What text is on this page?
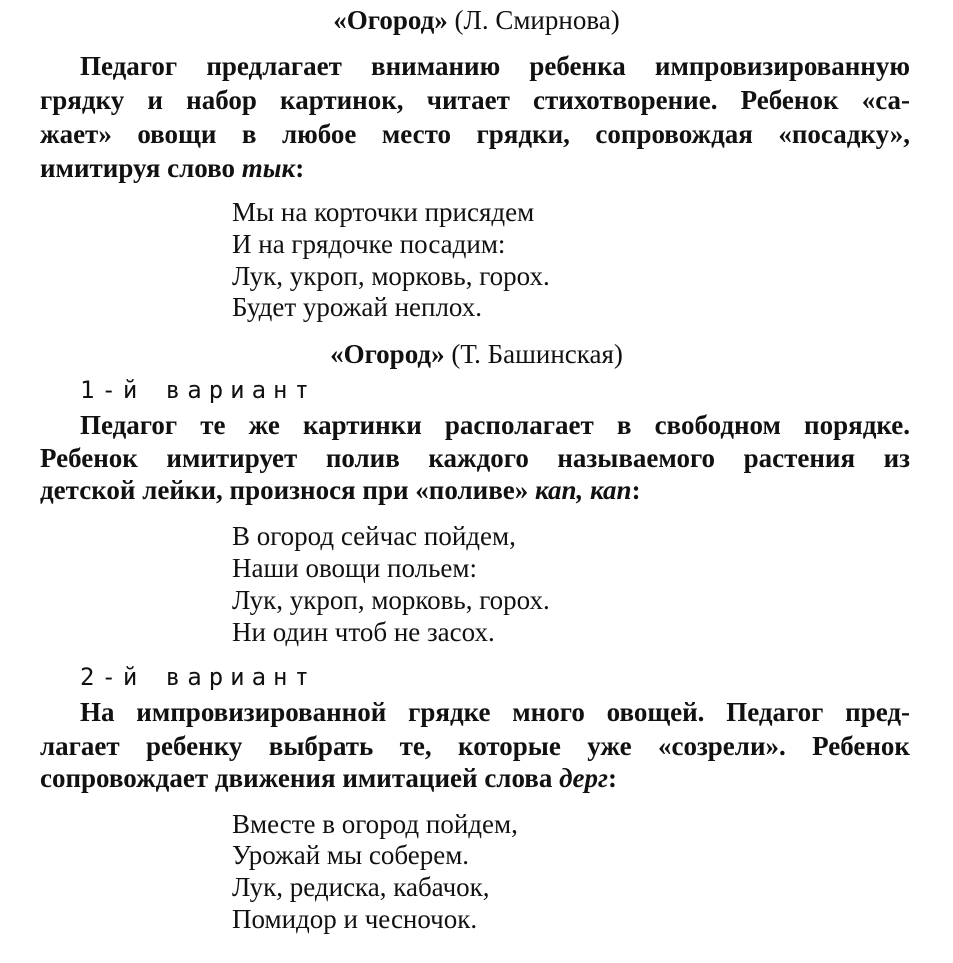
«Огород» (Л. Смирнова)
Педагог предлагает вниманию ребенка импровизированную
грядку и набор картинок, читает стихотворение. Ребенок «са-
жает» овощи в любое место грядки, сопровождая «посадку»,
имитируя слово тык:
Мы на корточки присядем
И на грядочке посадим:
Лук, укроп, морковь, горох.
Будет урожай неплох.
«Огород» (Т. Башинская)
1-й вариант
Педагог те же картинки располагает в свободном порядке.
Ребенок имитирует полив каждого называемого растения из
детской лейки, произнося при «поливе» кап, кап:
В огород сейчас пойдем,
Наши овощи польем:
Лук, укроп, морковь, горох.
Ни один чтоб не засох.
2-й вариант
На импровизированной грядке много овощей. Педагог пред-
лагает ребенку выбрать те, которые уже «созрели». Ребенок
сопровождает движения имитацией слова дерг:
Вместе в огород пойдем,
Урожай мы соберем.
Лук, редиска, кабачок,
Помидор и чесночок.
